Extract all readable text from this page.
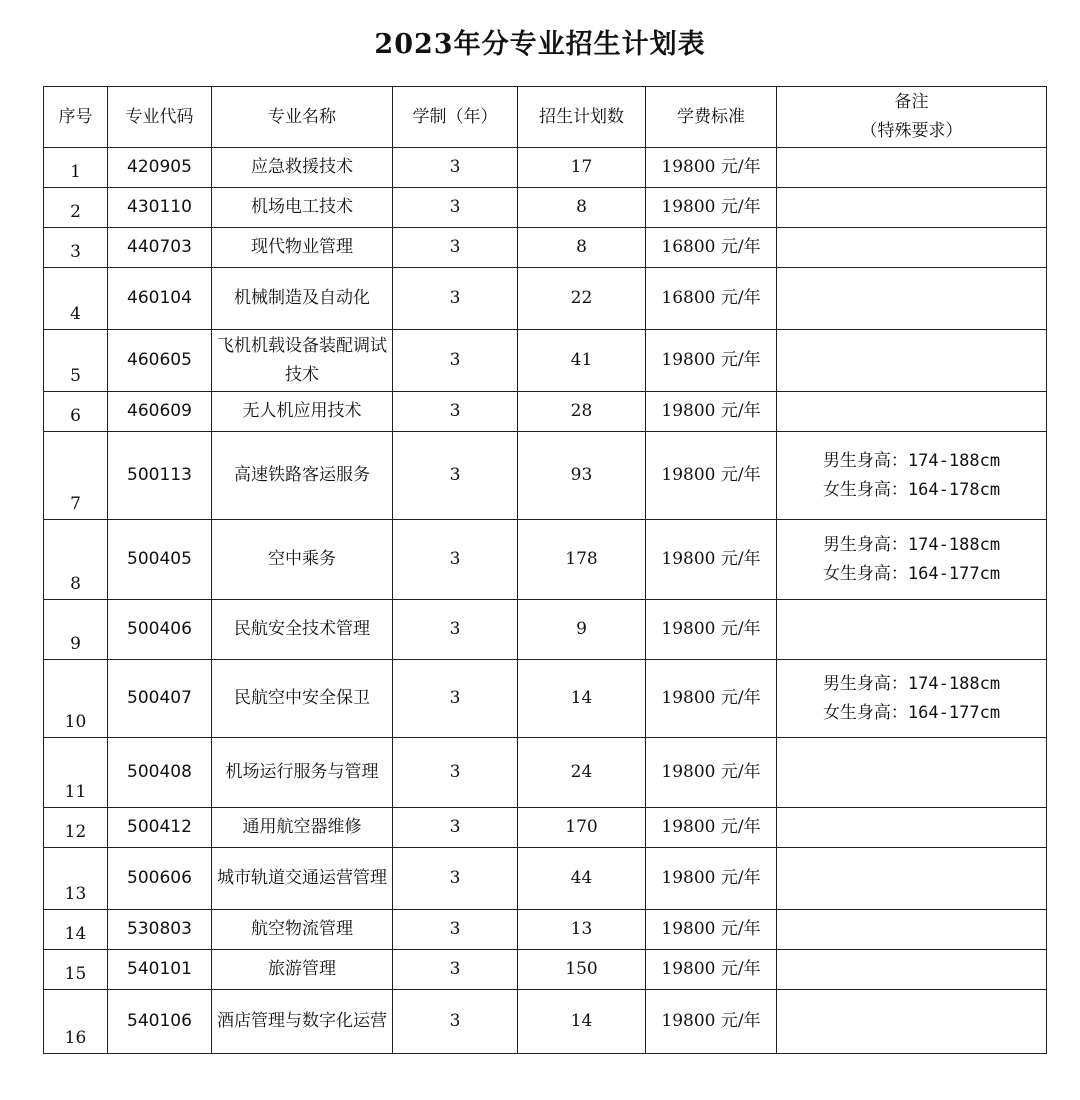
2023年分专业招生计划表
序号	专业代码	专业名称	学制（年）	招生计划数	学费标准	备注
（特殊要求）

1	420905	应急救援技术	3	17	19800 元/年	

2	430110	机场电工技术	3	8	19800 元/年	

3	440703	现代物业管理	3	8	16800 元/年	

4	460104	机械制造及自动化	3	22	16800 元/年	

5	460605	飞机机载设备装配调试技术	3	41	19800 元/年	

6	460609	无人机应用技术	3	28	19800 元/年	

7	500113	高速铁路客运服务	3	93	19800 元/年	男生身高：174-188cm
女生身高：164-178cm

8	500405	空中乘务	3	178	19800 元/年	男生身高：174-188cm
女生身高：164-177cm

9	500406	民航安全技术管理	3	9	19800 元/年	

10	500407	民航空中安全保卫	3	14	19800 元/年	男生身高：174-188cm
女生身高：164-177cm

11	500408	机场运行服务与管理	3	24	19800 元/年	

12	500412	通用航空器维修	3	170	19800 元/年	

13	500606	城市轨道交通运营管理	3	44	19800 元/年	

14	530803	航空物流管理	3	13	19800 元/年	

15	540101	旅游管理	3	150	19800 元/年	

16	540106	酒店管理与数字化运营	3	14	19800 元/年	
